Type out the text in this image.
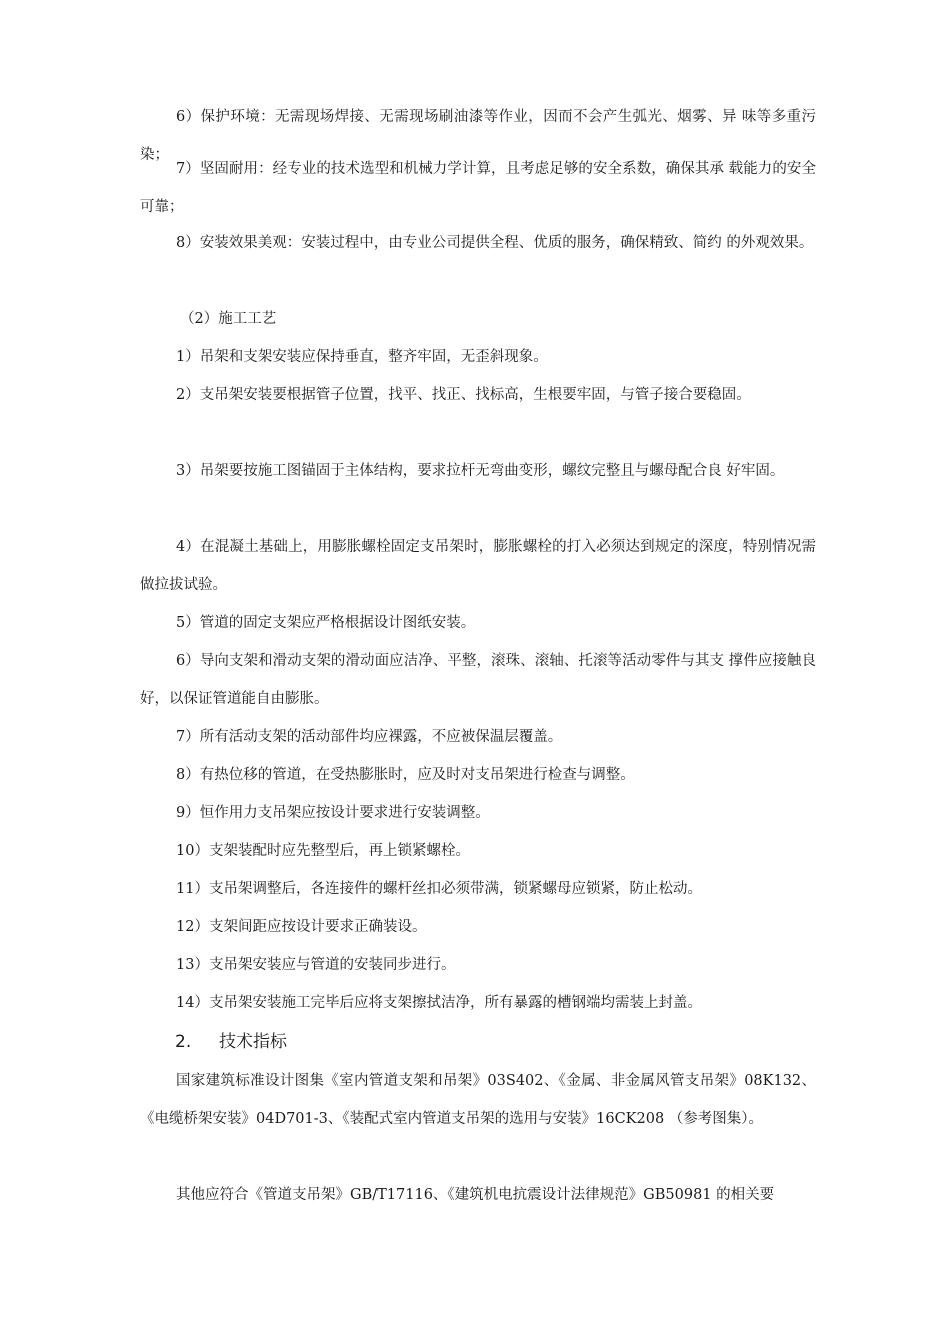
6）保护环境：无需现场焊接、无需现场刷油漆等作业，因而不会产生弧光、烟雾、异 味等多重污染；

7）坚固耐用：经专业的技术选型和机械力学计算，且考虑足够的安全系数，确保其承 载能力的安全可靠；

8）安装效果美观：安装过程中，由专业公司提供全程、优质的服务，确保精致、简约 的外观效果。

（2）施工工艺

1）吊架和支架安装应保持垂直，整齐牢固，无歪斜现象。

2）支吊架安装要根据管子位置，找平、找正、找标高，生根要牢固，与管子接合要稳固。

3）吊架要按施工图锚固于主体结构，要求拉杆无弯曲变形，螺纹完整且与螺母配合良 好牢固。

4）在混凝土基础上，用膨胀螺栓固定支吊架时，膨胀螺栓的打入必须达到规定的深度，特别情况需做拉拔试验。

5）管道的固定支架应严格根据设计图纸安装。

6）导向支架和滑动支架的滑动面应洁净、平整，滚珠、滚轴、托滚等活动零件与其支 撑件应接触良好，以保证管道能自由膨胀。

7）所有活动支架的活动部件均应裸露，不应被保温层覆盖。

8）有热位移的管道，在受热膨胀时，应及时对支吊架进行检查与调整。

9）恒作用力支吊架应按设计要求进行安装调整。

10）支架装配时应先整型后，再上锁紧螺栓。

11）支吊架调整后，各连接件的螺杆丝扣必须带满，锁紧螺母应锁紧，防止松动。

12）支架间距应按设计要求正确装设。

13）支吊架安装应与管道的安装同步进行。

14）支吊架安装施工完毕后应将支架擦拭洁净，所有暴露的槽钢端均需装上封盖。

2. 技术指标

国家建筑标准设计图集《室内管道支架和吊架》03S402、《金属、非金属风管支吊架》08K132、《电缆桥架安装》04D701-3、《装配式室内管道支吊架的选用与安装》16CK208 （参考图集）。

其他应符合《管道支吊架》GB/T17116、《建筑机电抗震设计法律规范》GB50981 的相关要
